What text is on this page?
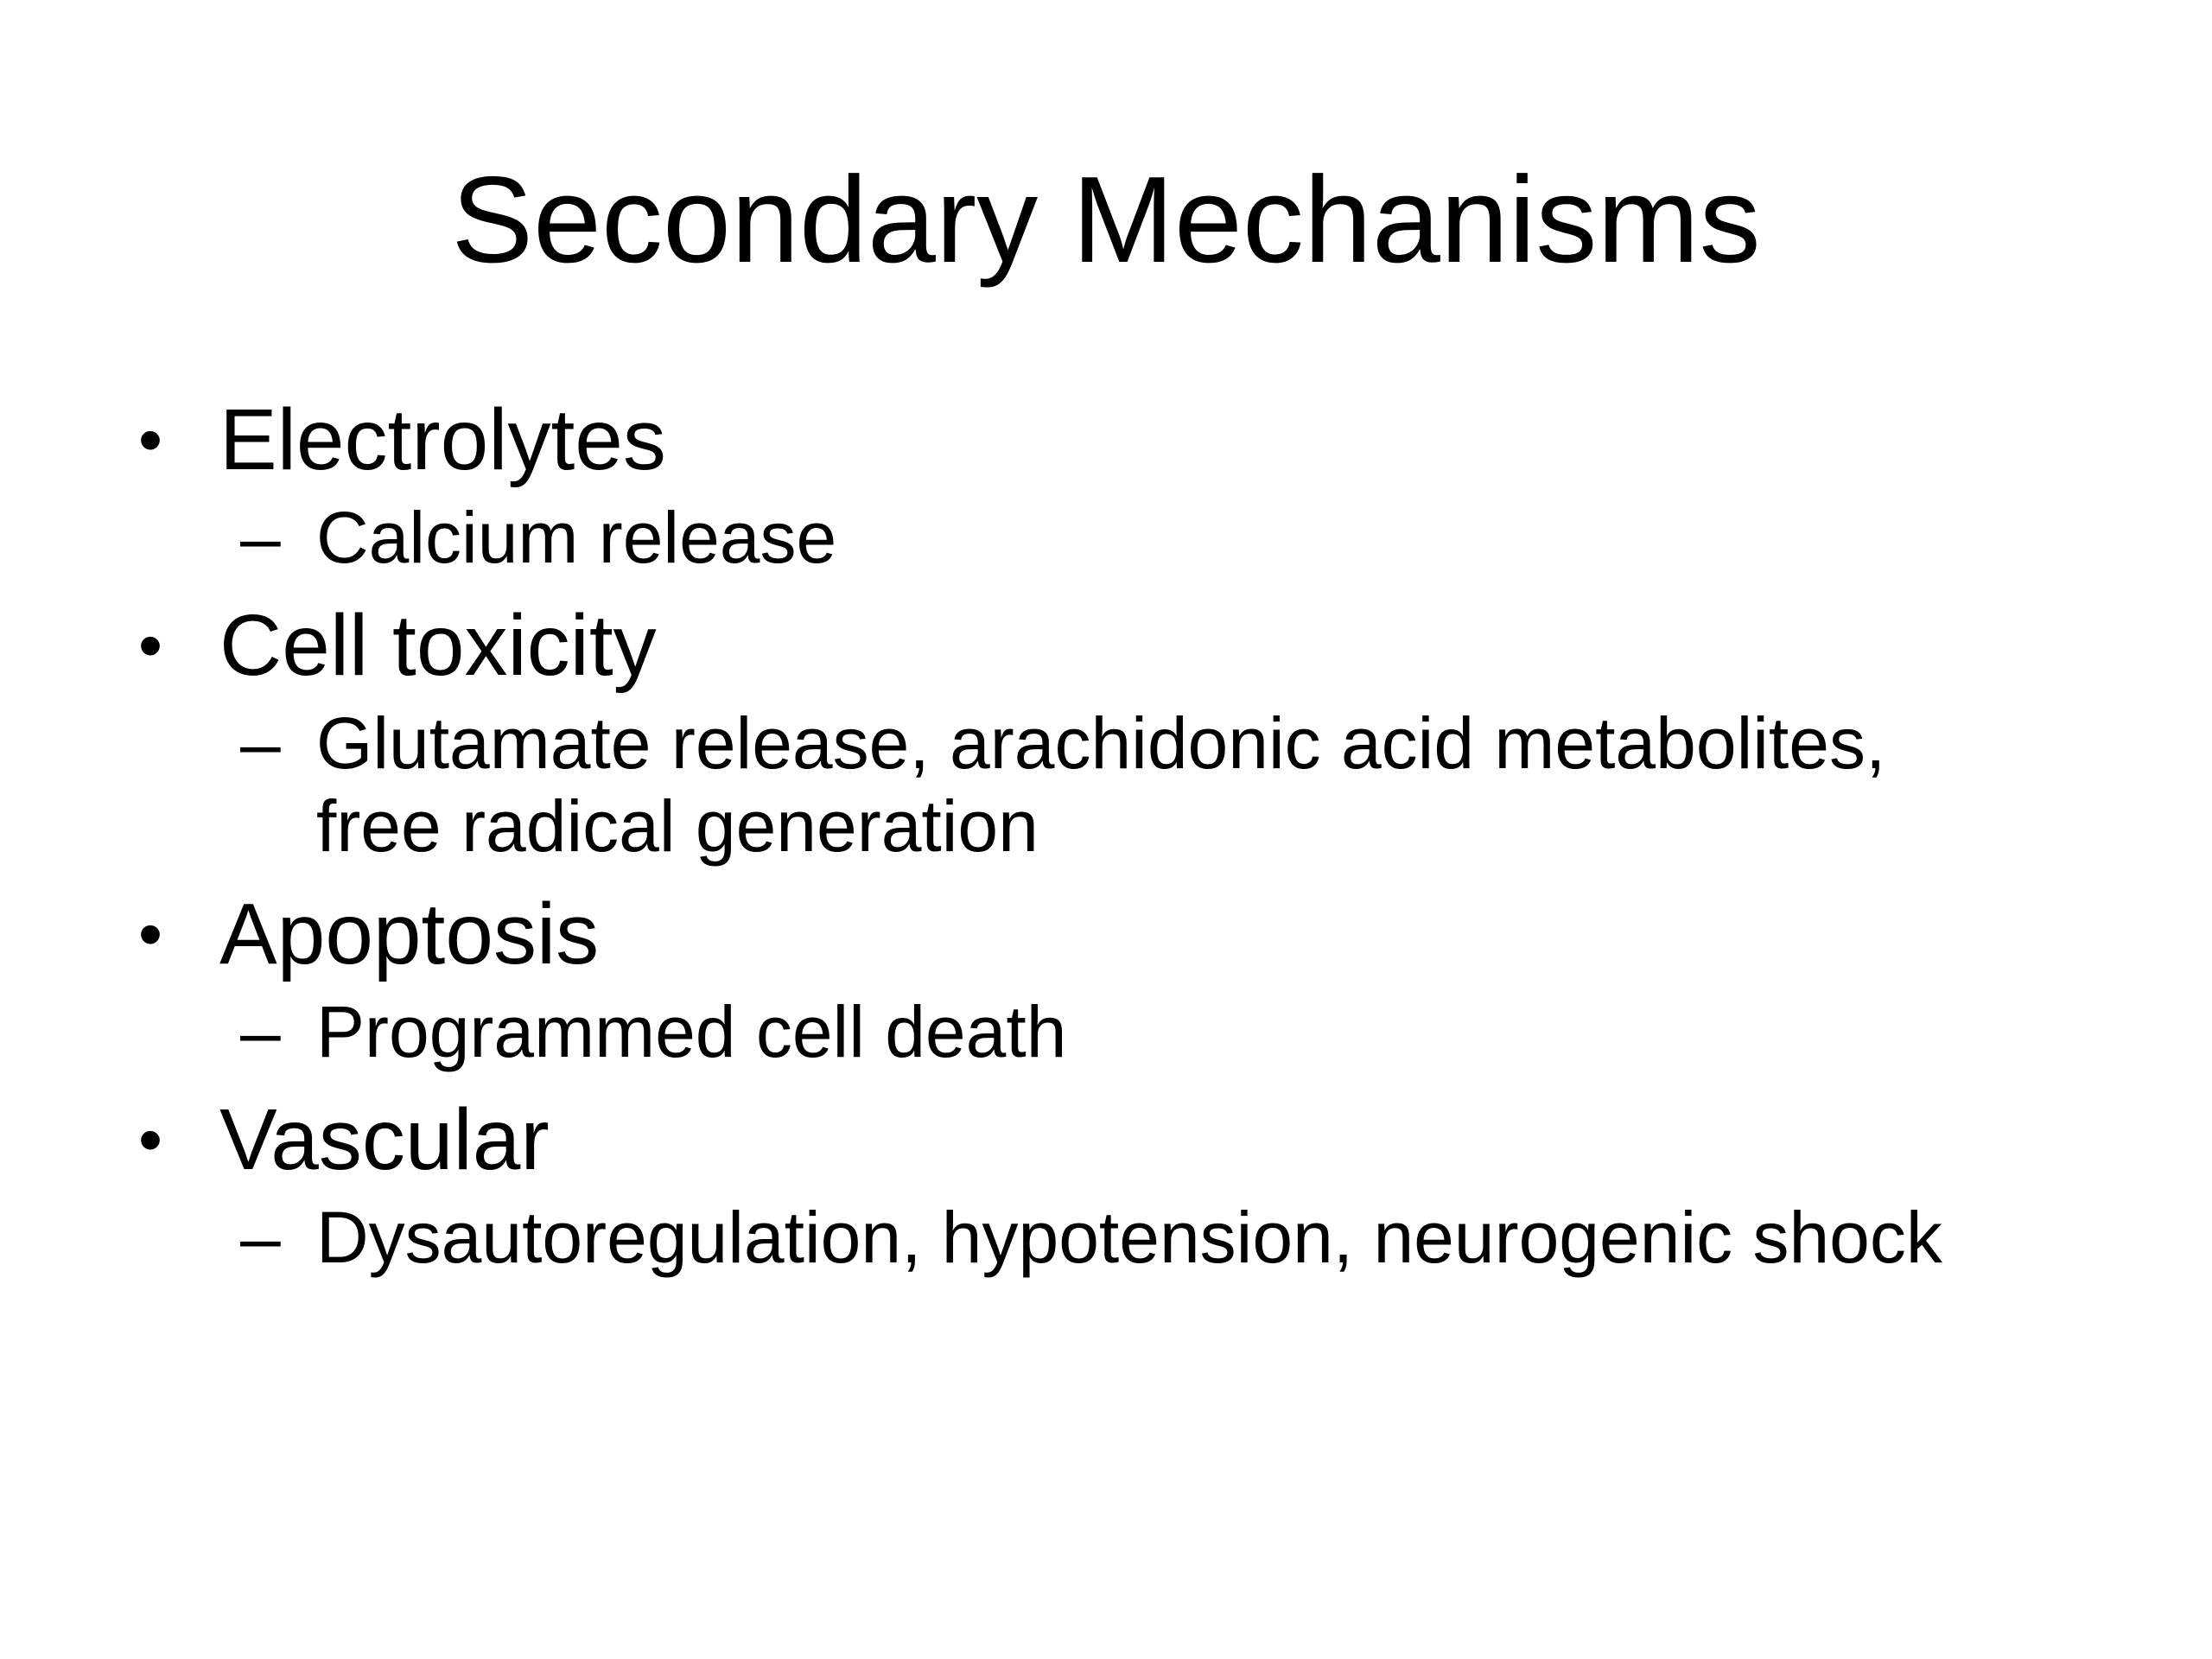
Secondary Mechanisms
• Electrolytes
– Calcium release
• Cell toxicity
– Glutamate release, arachidonic acid metabolites, free radical generation
• Apoptosis
– Programmed cell death
• Vascular
– Dysautoregulation, hypotension, neurogenic shock
